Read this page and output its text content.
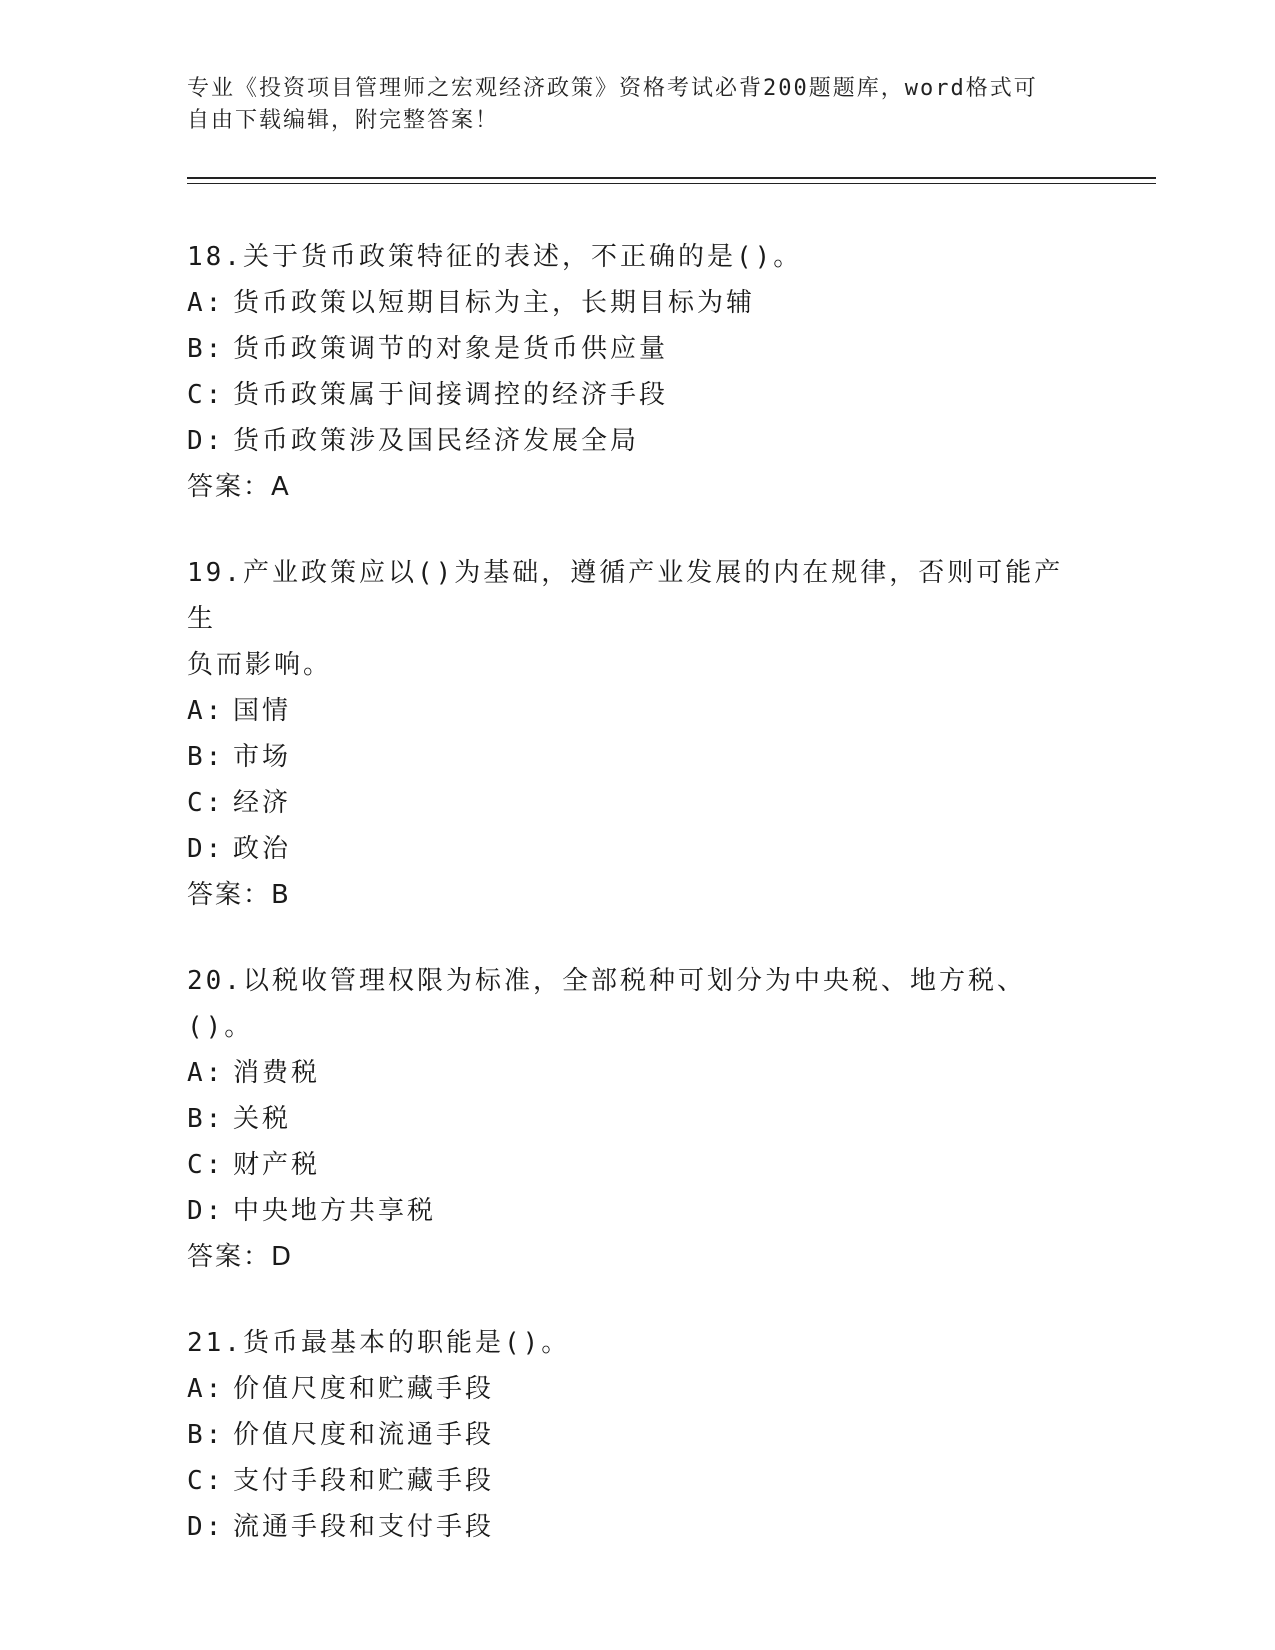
专业《投资项目管理师之宏观经济政策》资格考试必背200题题库，word格式可
自由下载编辑，附完整答案！

18.关于货币政策特征的表述，不正确的是()。

A: 货币政策以短期目标为主，长期目标为辅

B: 货币政策调节的对象是货币供应量

C: 货币政策属于间接调控的经济手段

D: 货币政策涉及国民经济发展全局

答案：A

19.产业政策应以()为基础，遵循产业发展的内在规律，否则可能产生

负而影响。

A: 国情

B: 市场

C: 经济

D: 政治

答案：B

20.以税收管理权限为标准，全部税种可划分为中央税、地方税、()。

A: 消费税

B: 关税

C: 财产税

D: 中央地方共享税

答案：D

21.货币最基本的职能是()。

A: 价值尺度和贮藏手段

B: 价值尺度和流通手段

C: 支付手段和贮藏手段

D: 流通手段和支付手段
